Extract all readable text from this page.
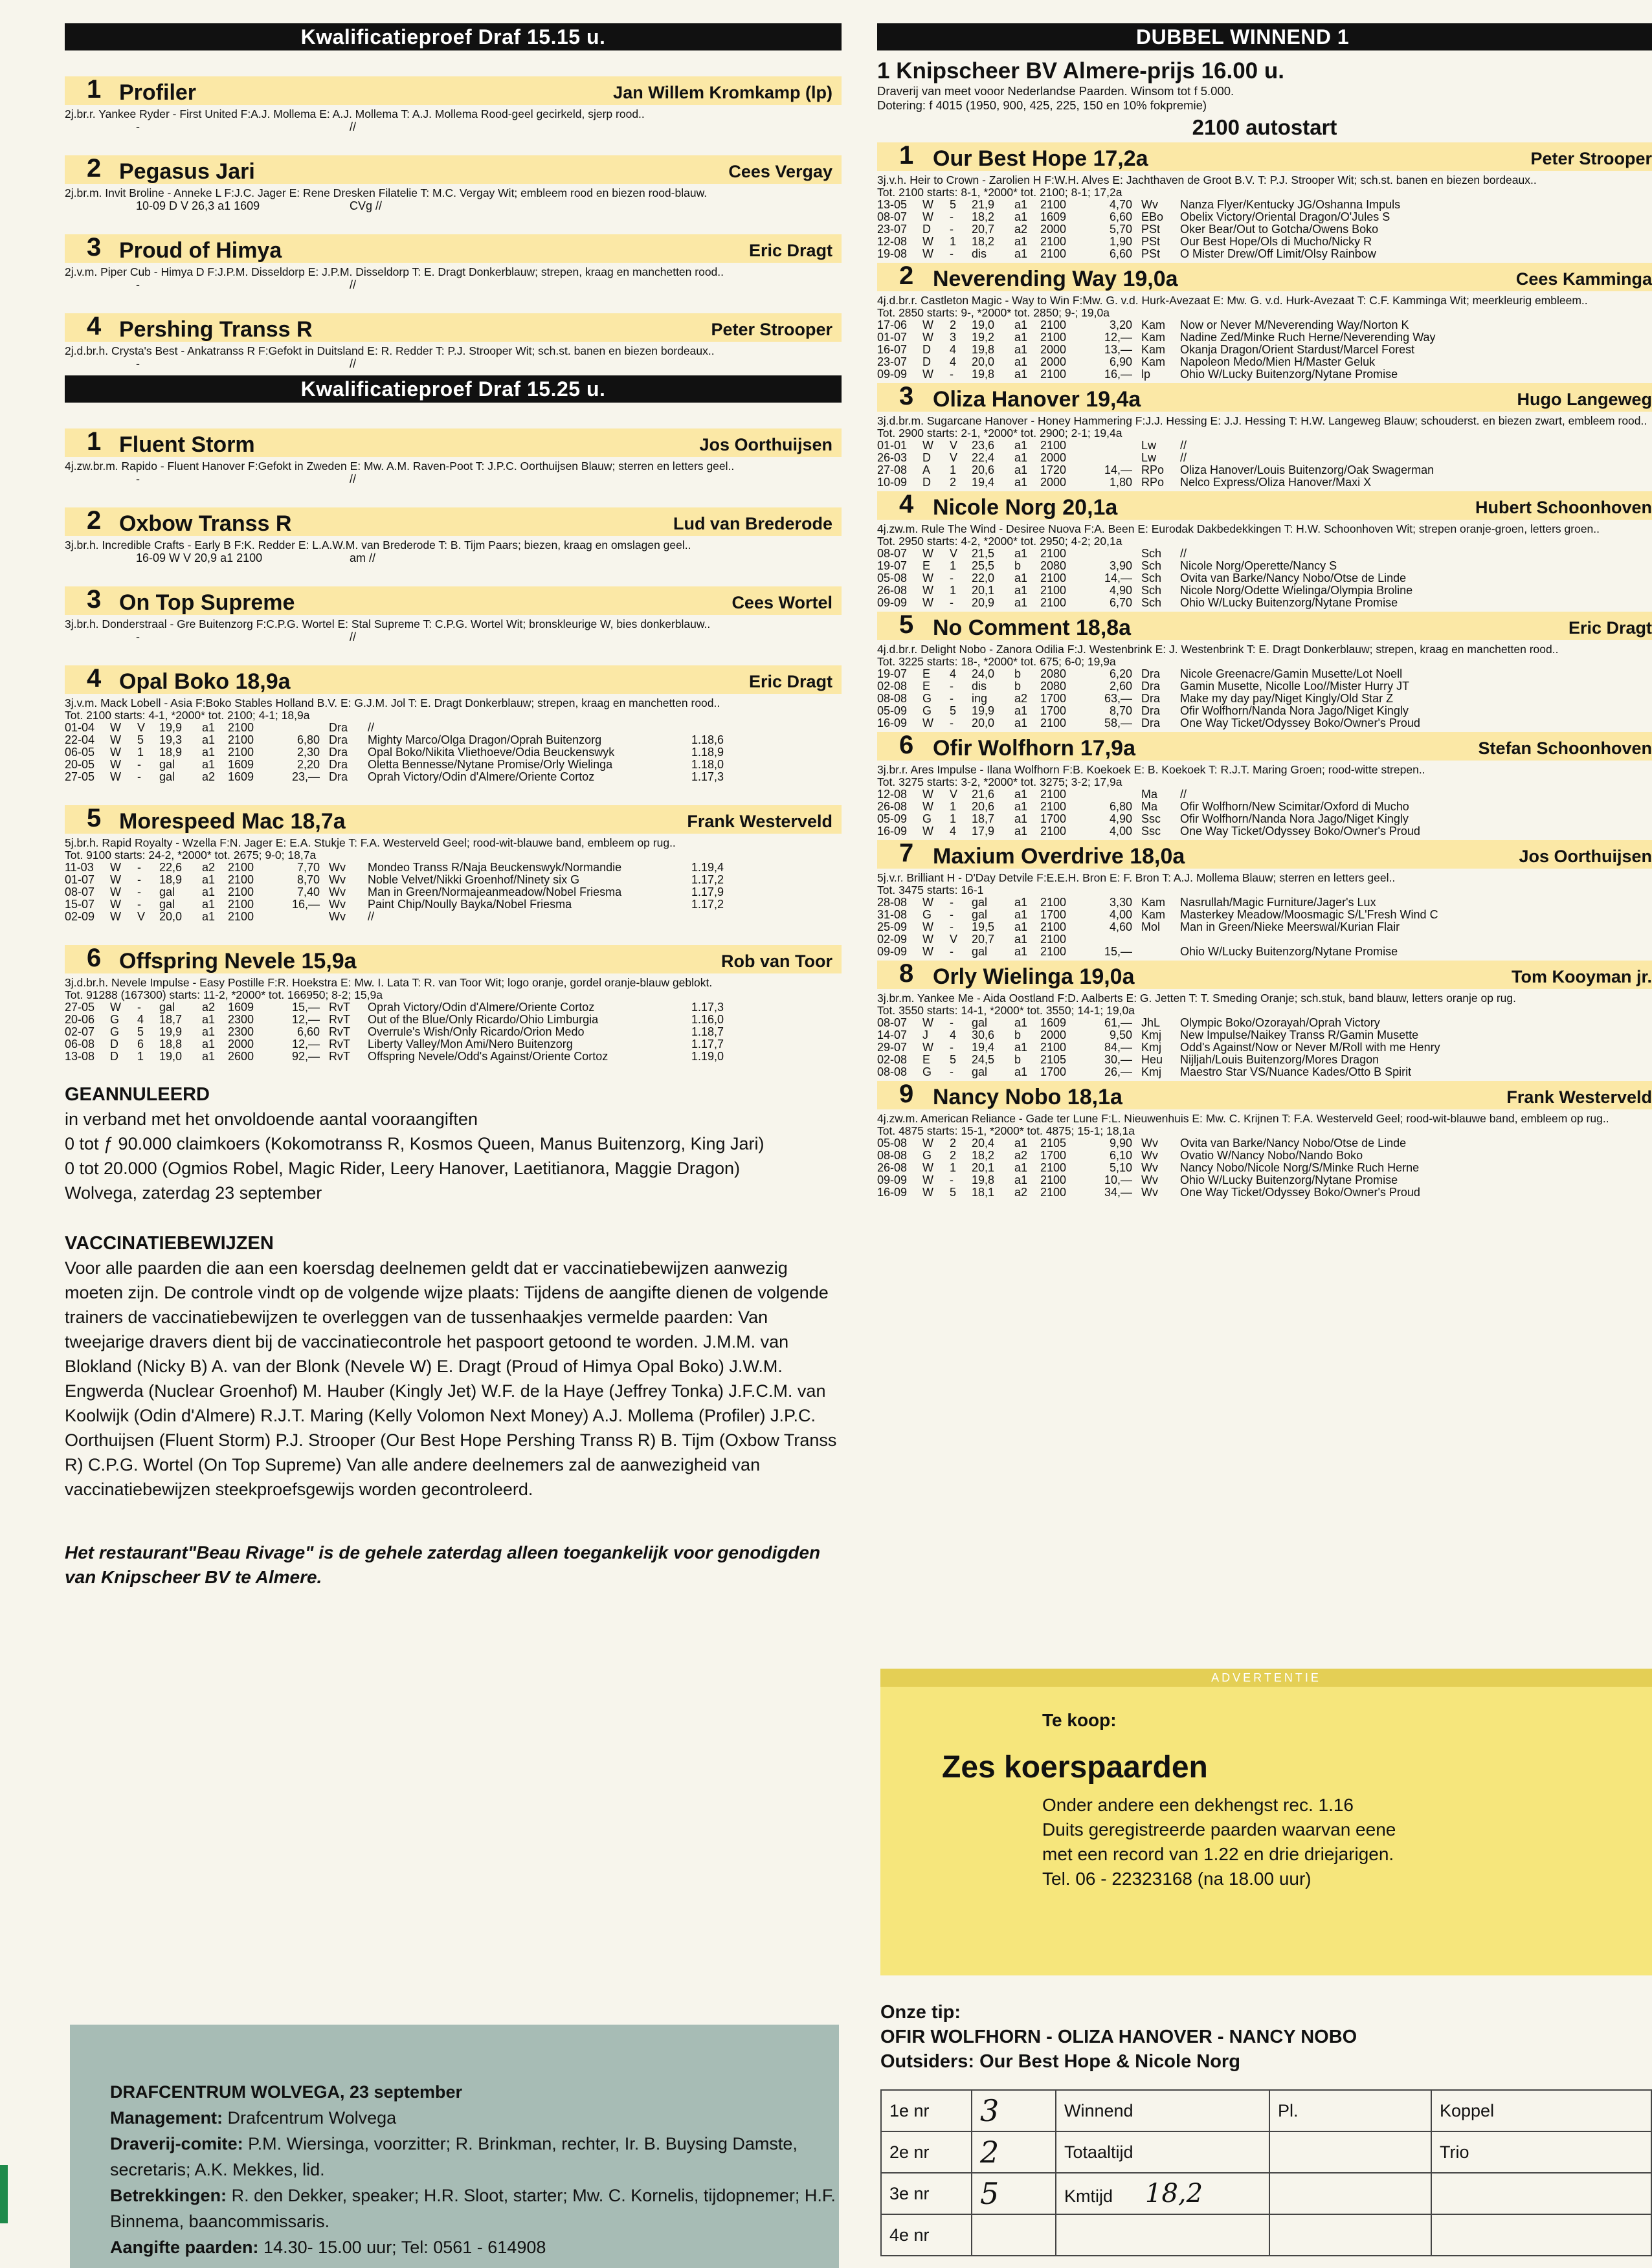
Kwalificatieproef Draf 15.15 u.
1 Profiler	Jan Willem Kromkamp (lp)
2j.br.r. Yankee Ryder - First United F:A.J. Mollema E: A.J. Mollema T: A.J. Mollema Rood-geel gecirkeld, sjerp rood..
-	//
2 Pegasus Jari	Cees Vergay
2j.br.m. Invit Broline - Anneke L F:J.C. Jager E: Rene Dresken Filatelie T: M.C. Vergay Wit; embleem rood en biezen rood-blauw.
10-09 D V 26,3 a1 1609	CVg //
3 Proud of Himya	Eric Dragt
2j.v.m. Piper Cub - Himya D F:J.P.M. Disseldorp E: J.P.M. Disseldorp T: E. Dragt Donkerblauw; strepen, kraag en manchetten rood..
-	//
4 Pershing Transs R	Peter Strooper
2j.d.br.h. Crysta's Best - Ankatranss R F:Gefokt in Duitsland E: R. Redder T: P.J. Strooper Wit; sch.st. banen en biezen bordeaux..
-	//
Kwalificatieproef Draf 15.25 u.
1 Fluent Storm	Jos Oorthuijsen
4j.zw.br.m. Rapido - Fluent Hanover F:Gefokt in Zweden E: Mw. A.M. Raven-Poot T: J.P.C. Oorthuijsen Blauw; sterren en letters geel..
-	//
2 Oxbow Transs R	Lud van Brederode
3j.br.h. Incredible Crafts - Early B F:K. Redder E: L.A.W.M. van Brederode T: B. Tijm Paars; biezen, kraag en omslagen geel..
16-09 W V 20,9 a1 2100	am //
3 On Top Supreme	Cees Wortel
3j.br.h. Donderstraal - Gre Buitenzorg F:C.P.G. Wortel E: Stal Supreme T: C.P.G. Wortel Wit; bronskleurige W, bies donkerblauw..
-	//
4 Opal Boko 18,9a	Eric Dragt
3j.v.m. Mack Lobell - Asia F:Boko Stables Holland B.V. E: G.J.M. Jol T: E. Dragt Donkerblauw; strepen, kraag en manchetten rood..
Tot. 2100 starts: 4-1, *2000* tot. 2100; 4-1; 18,9a
01-04	W	V	19,9	a1	2100		Dra	//	
22-04	W	5	19,3	a1	2100	6,80	Dra	Mighty Marco/Olga Dragon/Oprah Buitenzorg	1.18,6
06-05	W	1	18,9	a1	2100	2,30	Dra	Opal Boko/Nikita Vliethoeve/Odia Beuckenswyk	1.18,9
20-05	W	-	gal	a1	1609	2,20	Dra	Oletta Bennesse/Nytane Promise/Orly Wielinga	1.18,0
27-05	W	-	gal	a2	1609	23,—	Dra	Oprah Victory/Odin d'Almere/Oriente Cortoz	1.17,3
5 Morespeed Mac 18,7a	Frank Westerveld
5j.br.h. Rapid Royalty - Wzella F:N. Jager E: E.A. Stukje T: F.A. Westerveld Geel; rood-wit-blauwe band, embleem op rug..
Tot. 9100 starts: 24-2, *2000* tot. 2675; 9-0; 18,7a
11-03	W	-	22,6	a2	2100	7,70	Wv	Mondeo Transs R/Naja Beuckenswyk/Normandie	1.19,4
01-07	W	-	18,9	a1	2100	8,70	Wv	Noble Velvet/Nikki Groenhof/Ninety six G	1.17,2
08-07	W	-	gal	a1	2100	7,40	Wv	Man in Green/Normajeanmeadow/Nobel Friesma	1.17,9
15-07	W	-	gal	a1	2100	16,—	Wv	Paint Chip/Noully Bayka/Nobel Friesma	1.17,2
02-09	W	V	20,0	a1	2100		Wv	//	
6 Offspring Nevele 15,9a	Rob van Toor
3j.d.br.h. Nevele Impulse - Easy Postille F:R. Hoekstra E: Mw. I. Lata T: R. van Toor Wit; logo oranje, gordel oranje-blauw geblokt.
Tot. 91288 (167300) starts: 11-2, *2000* tot. 166950; 8-2; 15,9a
27-05	W	-	gal	a2	1609	15,—	RvT	Oprah Victory/Odin d'Almere/Oriente Cortoz	1.17,3
20-06	G	4	18,7	a1	2300	12,—	RvT	Out of the Blue/Only Ricardo/Ohio Limburgia	1.16,0
02-07	G	5	19,9	a1	2300	6,60	RvT	Overrule's Wish/Only Ricardo/Orion Medo	1.18,7
06-08	D	6	18,8	a1	2000	12,—	RvT	Liberty Valley/Mon Ami/Nero Buitenzorg	1.17,7
13-08	D	1	19,0	a1	2600	92,—	RvT	Offspring Nevele/Odd's Against/Oriente Cortoz	1.19,0
GEANNULEERD
in verband met het onvoldoende aantal vooraangiften
0 tot ƒ 90.000 claimkoers (Kokomotranss R, Kosmos Queen, Manus Buitenzorg, King Jari)
0 tot 20.000 (Ogmios Robel, Magic Rider, Leery Hanover, Laetitianora, Maggie Dragon)
Wolvega, zaterdag 23 september
VACCINATIEBEWIJZEN
Voor alle paarden die aan een koersdag deelnemen geldt dat er vaccinatiebewijzen aanwezig moeten zijn. De controle vindt op de volgende wijze plaats: Tijdens de aangifte dienen de volgende trainers de vaccinatiebewijzen te overleggen van de tussenhaakjes vermelde paarden: Van tweejarige dravers dient bij de vaccinatiecontrole het paspoort getoond te worden. J.M.M. van Blokland (Nicky B) A. van der Blonk (Nevele W) E. Dragt (Proud of Himya Opal Boko) J.W.M. Engwerda (Nuclear Groenhof) M. Hauber (Kingly Jet) W.F. de la Haye (Jeffrey Tonka) J.F.C.M. van Koolwijk (Odin d'Almere) R.J.T. Maring (Kelly Volomon Next Money) A.J. Mollema (Profiler) J.P.C. Oorthuijsen (Fluent Storm) P.J. Strooper (Our Best Hope Pershing Transs R) B. Tijm (Oxbow Transs R) C.P.G. Wortel (On Top Supreme) Van alle andere deelnemers zal de aanwezigheid van vaccinatiebewijzen steekproefsgewijs worden gecontroleerd.
Het restaurant"Beau Rivage" is de gehele zaterdag alleen toegankelijk voor genodigden van Knipscheer BV te Almere.
DRAFCENTRUM WOLVEGA, 23 september
Management: Drafcentrum Wolvega
Draverij-comite: P.M. Wiersinga, voorzitter; R. Brinkman, rechter, Ir. B. Buysing Damste, secretaris; A.K. Mekkes, lid.
Betrekkingen: R. den Dekker, speaker; H.R. Sloot, starter; Mw. C. Kornelis, tijdopnemer; H.F. Binnema, baancommissaris.
Aangifte paarden: 14.30- 15.00 uur; Tel: 0561 - 614908
DUBBEL WINNEND 1
1 Knipscheer BV Almere-prijs 16.00 u.
Draverij van meet vooor Nederlandse Paarden. Winsom tot f 5.000.
Dotering: f 4015 (1950, 900, 425, 225, 150 en 10% fokpremie)
2100 autostart
1 Our Best Hope 17,2a	Peter Strooper
3j.v.h. Heir to Crown - Zarolien H F:W.H. Alves E: Jachthaven de Groot B.V. T: P.J. Strooper Wit; sch.st. banen en biezen bordeaux..
Tot. 2100 starts: 8-1, *2000* tot. 2100; 8-1; 17,2a
13-05	W	5	21,9	a1	2100	4,70	Wv	Nanza Flyer/Kentucky JG/Oshanna Impuls
08-07	W	-	18,2	a1	1609	6,60	EBo	Obelix Victory/Oriental Dragon/O'Jules S
23-07	D	-	20,7	a2	2000	5,70	PSt	Oker Bear/Out to Gotcha/Owens Boko
12-08	W	1	18,2	a1	2100	1,90	PSt	Our Best Hope/Ols di Mucho/Nicky R
19-08	W	-	dis	a1	2100	6,60	PSt	O Mister Drew/Off Limit/Olsy Rainbow
2 Neverending Way 19,0a	Cees Kamminga
4j.d.br.r. Castleton Magic - Way to Win F:Mw. G. v.d. Hurk-Avezaat E: Mw. G. v.d. Hurk-Avezaat T: C.F. Kamminga Wit; meerkleurig embleem..
Tot. 2850 starts: 9-, *2000* tot. 2850; 9-; 19,0a
17-06	W	2	19,0	a1	2100	3,20	Kam	Now or Never M/Neverending Way/Norton K
01-07	W	3	19,2	a1	2100	12,—	Kam	Nadine Zed/Minke Ruch Herne/Neverending Way
16-07	D	4	19,8	a1	2000	13,—	Kam	Okanja Dragon/Orient Stardust/Marcel Forest
23-07	D	4	20,0	a1	2000	6,90	Kam	Napoleon Medo/Mien H/Master Geluk
09-09	W	-	19,8	a1	2100	16,—	lp	Ohio W/Lucky Buitenzorg/Nytane Promise
3 Oliza Hanover 19,4a	Hugo Langeweg
3j.d.br.m. Sugarcane Hanover - Honey Hammering F:J.J. Hessing E: J.J. Hessing T: H.W. Langeweg Blauw; schouderst. en biezen zwart, embleem rood..
Tot. 2900 starts: 2-1, *2000* tot. 2900; 2-1; 19,4a
01-01	W	V	23,6	a1	2100		Lw	//
26-03	D	V	22,4	a1	2000		Lw	//
27-08	A	1	20,6	a1	1720	14,—	RPo	Oliza Hanover/Louis Buitenzorg/Oak Swagerman
10-09	D	2	19,4	a1	2000	1,80	RPo	Nelco Express/Oliza Hanover/Maxi X
4 Nicole Norg 20,1a	Hubert Schoonhoven
4j.zw.m. Rule The Wind - Desiree Nuova F:A. Been E: Eurodak Dakbedekkingen T: H.W. Schoonhoven Wit; strepen oranje-groen, letters groen..
Tot. 2950 starts: 4-2, *2000* tot. 2950; 4-2; 20,1a
08-07	W	V	21,5	a1	2100		Sch	//
19-07	E	1	25,5	b	2080	3,90	Sch	Nicole Norg/Operette/Nancy S
05-08	W	-	22,0	a1	2100	14,—	Sch	Ovita van Barke/Nancy Nobo/Otse de Linde
26-08	W	1	20,1	a1	2100	4,90	Sch	Nicole Norg/Odette Wielinga/Olympia Broline
09-09	W	-	20,9	a1	2100	6,70	Sch	Ohio W/Lucky Buitenzorg/Nytane Promise
5 No Comment 18,8a	Eric Dragt
4j.d.br.r. Delight Nobo - Zanora Odilia F:J. Westenbrink E: J. Westenbrink T: E. Dragt Donkerblauw; strepen, kraag en manchetten rood..
Tot. 3225 starts: 18-, *2000* tot. 675; 6-0; 19,9a
19-07	E	4	24,0	b	2080	6,20	Dra	Nicole Greenacre/Gamin Musette/Lot Noell
02-08	E	-	dis	b	2080	2,60	Dra	Gamin Musette, Nicolle Loo//Mister Hurry JT
08-08	G	-	ing	a2	1700	63,—	Dra	Make my day pay/Niget Kingly/Old Star Z
05-09	G	5	19,9	a1	1700	8,70	Dra	Ofir Wolfhorn/Nanda Nora Jago/Niget Kingly
16-09	W	-	20,0	a1	2100	58,—	Dra	One Way Ticket/Odyssey Boko/Owner's Proud
6 Ofir Wolfhorn 17,9a	Stefan Schoonhoven
3j.br.r. Ares Impulse - Ilana Wolfhorn F:B. Koekoek E: B. Koekoek T: R.J.T. Maring Groen; rood-witte strepen..
Tot. 3275 starts: 3-2, *2000* tot. 3275; 3-2; 17,9a
12-08	W	V	21,6	a1	2100		Ma	//
26-08	W	1	20,6	a1	2100	6,80	Ma	Ofir Wolfhorn/New Scimitar/Oxford di Mucho
05-09	G	1	18,7	a1	1700	4,90	Ssc	Ofir Wolfhorn/Nanda Nora Jago/Niget Kingly
16-09	W	4	17,9	a1	2100	4,00	Ssc	One Way Ticket/Odyssey Boko/Owner's Proud
7 Maxium Overdrive 18,0a	Jos Oorthuijsen
5j.v.r. Brilliant H - D'Day Detvile F:E.E.H. Bron E: F. Bron T: A.J. Mollema Blauw; sterren en letters geel..
Tot. 3475 starts: 16-1
28-08	W	-	gal	a1	2100	3,30	Kam	Nasrullah/Magic Furniture/Jager's Lux
31-08	G	-	gal	a1	1700	4,00	Kam	Masterkey Meadow/Moosmagic S/L'Fresh Wind C
25-09	W	-	19,5	a1	2100	4,60	Mol	Man in Green/Nieke Meerswal/Kurian Flair
02-09	W	V	20,7	a1	2100			
09-09	W	-	gal	a1	2100	15,—		Ohio W/Lucky Buitenzorg/Nytane Promise
8 Orly Wielinga 19,0a	Tom Kooyman jr.
3j.br.m. Yankee Me - Aida Oostland F:D. Aalberts E: G. Jetten T: T. Smeding Oranje; sch.stuk, band blauw, letters oranje op rug.
Tot. 3550 starts: 14-1, *2000* tot. 3550; 14-1; 19,0a
08-07	W	-	gal	a1	1609	61,—	JhL	Olympic Boko/Ozorayah/Oprah Victory
14-07	J	4	30,6	b	2000	9,50	Kmj	New Impulse/Naikey Transs R/Gamin Musette
29-07	W	-	19,4	a1	2100	84,—	Kmj	Odd's Against/Now or Never M/Roll with me Henry
02-08	E	5	24,5	b	2105	30,—	Heu	Nijljah/Louis Buitenzorg/Mores Dragon
08-08	G	-	gal	a1	1700	26,—	Kmj	Maestro Star VS/Nuance Kades/Otto B Spirit
9 Nancy Nobo 18,1a	Frank Westerveld
4j.zw.m. American Reliance - Gade ter Lune F:L. Nieuwenhuis E: Mw. C. Krijnen T: F.A. Westerveld Geel; rood-wit-blauwe band, embleem op rug..
Tot. 4875 starts: 15-1, *2000* tot. 4875; 15-1; 18,1a
05-08	W	2	20,4	a1	2105	9,90	Wv	Ovita van Barke/Nancy Nobo/Otse de Linde
08-08	G	2	18,2	a2	1700	6,10	Wv	Ovatio W/Nancy Nobo/Nando Boko
26-08	W	1	20,1	a1	2100	5,10	Wv	Nancy Nobo/Nicole Norg/S/Minke Ruch Herne
09-09	W	-	19,8	a1	2100	10,—	Wv	Ohio W/Lucky Buitenzorg/Nytane Promise
16-09	W	5	18,1	a2	2100	34,—	Wv	One Way Ticket/Odyssey Boko/Owner's Proud
ADVERTENTIE
Te koop:
Zes koerspaarden
Onder andere een dekhengst rec. 1.16
Duits geregistreerde paarden waarvan eene
met een record van 1.22 en drie driejarigen.
Tel. 06 - 22323168 (na 18.00 uur)
Onze tip:
OFIR WOLFHORN - OLIZA HANOVER - NANCY NOBO
Outsiders: Our Best Hope & Nicole Norg
1e nr	3	Winnend	Pl.	Koppel
2e nr	2	Totaaltijd		Trio
3e nr	5	Kmtijd 18,2		
4e nr				
